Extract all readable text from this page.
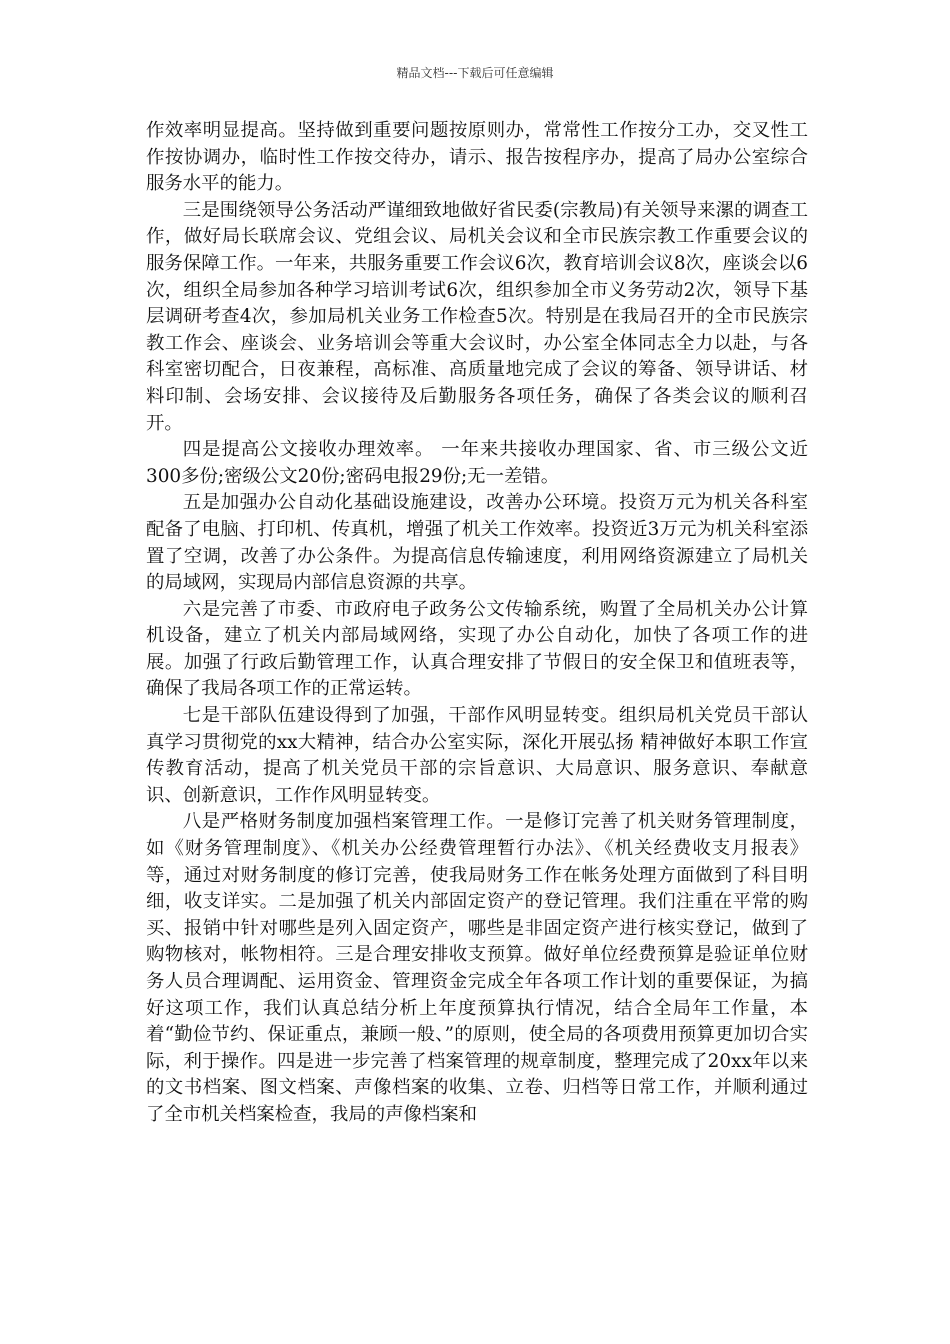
精品文档---下载后可任意编辑

作效率明显提高。坚持做到重要问题按原则办，常常性工作按分工办，交叉性工作按协调办，临时性工作按交待办，请示、报告按程序办，提高了局办公室综合服务水平的能力。

三是围绕领导公务活动严谨细致地做好省民委(宗教局)有关领导来漯的调查工作，做好局长联席会议、党组会议、局机关会议和全市民族宗教工作重要会议的服务保障工作。一年来，共服务重要工作会议6次，教育培训会议8次，座谈会以6次，组织全局参加各种学习培训考试6次，组织参加全市义务劳动2次，领导下基层调研考查4次，参加局机关业务工作检查5次。特别是在我局召开的全市民族宗教工作会、座谈会、业务培训会等重大会议时，办公室全体同志全力以赴，与各科室密切配合，日夜兼程，高标准、高质量地完成了会议的筹备、领导讲话、材料印制、会场安排、会议接待及后勤服务各项任务，确保了各类会议的顺利召开。

四是提高公文接收办理效率。 一年来共接收办理国家、省、市三级公文近300多份;密级公文20份;密码电报29份;无一差错。

五是加强办公自动化基础设施建设，改善办公环境。投资万元为机关各科室配备了电脑、打印机、传真机，增强了机关工作效率。投资近3万元为机关科室添置了空调，改善了办公条件。为提高信息传输速度，利用网络资源建立了局机关的局域网，实现局内部信息资源的共享。

六是完善了市委、市政府电子政务公文传输系统，购置了全局机关办公计算机设备，建立了机关内部局域网络，实现了办公自动化，加快了各项工作的进展。加强了行政后勤管理工作，认真合理安排了节假日的安全保卫和值班表等，确保了我局各项工作的正常运转。

七是干部队伍建设得到了加强，干部作风明显转变。组织局机关党员干部认真学习贯彻党的xx大精神，结合办公室实际，深化开展弘扬 精神做好本职工作宣传教育活动，提高了机关党员干部的宗旨意识、大局意识、服务意识、奉献意识、创新意识，工作作风明显转变。

八是严格财务制度加强档案管理工作。一是修订完善了机关财务管理制度，如《财务管理制度》、《机关办公经费管理暂行办法》、《机关经费收支月报表》等，通过对财务制度的修订完善，使我局财务工作在帐务处理方面做到了科目明细，收支详实。二是加强了机关内部固定资产的登记管理。我们注重在平常的购买、报销中针对哪些是列入固定资产，哪些是非固定资产进行核实登记，做到了购物核对，帐物相符。三是合理安排收支预算。做好单位经费预算是验证单位财务人员合理调配、运用资金、管理资金完成全年各项工作计划的重要保证，为搞好这项工作，我们认真总结分析上年度预算执行情况，结合全局年工作量，本着“勤俭节约、保证重点，兼顾一般、”的原则，使全局的各项费用预算更加切合实际，利于操作。四是进一步完善了档案管理的规章制度，整理完成了20xx年以来的文书档案、图文档案、声像档案的收集、立卷、归档等日常工作，并顺利通过了全市机关档案检查，我局的声像档案和
